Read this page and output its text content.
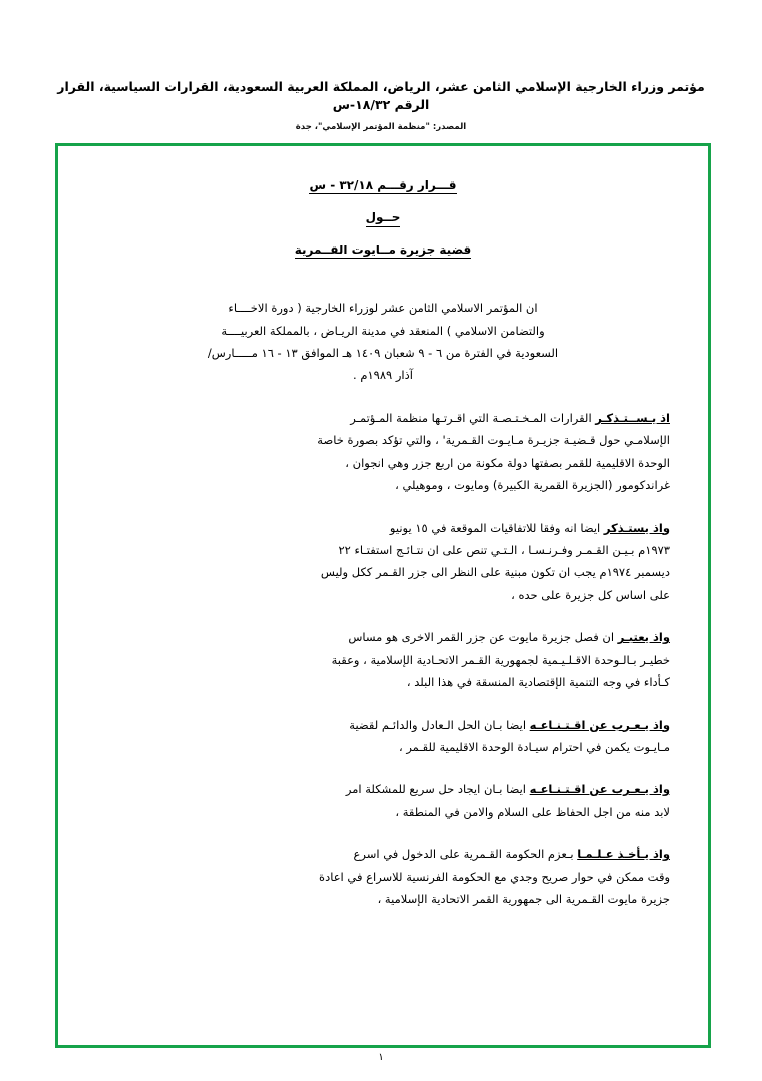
مؤتمر وزراء الخارجية الإسلامي الثامن عشر، الرياض، المملكة العربية السعودية، القرارات السياسية، القرار الرقم ١٨/٣٢-س
المصدر: "منظمة المؤتمر الإسلامي"، جدة
قـــرار رقـــم ٣٢/١٨ - س
حــول
قضية جزيرة مــايوت القــمرية
ان المؤتمر الاسلامي الثامن عشر لوزراء الخارجية ( دورة الاخــــاء
والتضامن الاسلامي ) المنعقد في مدينة الريـاض ، بالمملكة العربيــــة
السعودية في الفترة من ٦ - ٩ شعبان ١٤٠٩ هـ الموافق ١٣ - ١٦ مـــــارس/
آذار ١٩٨٩م .
اذ يـســتـذكـر القرارات المـخـتـصـة التي اقـرتـها منظمة المـؤتمـر
الإسلامـي حول قـضيـة جزيـرة مـايـوت القـمرية' ، والتي تؤكد بصورة خاصة
الوحدة الاقليمية للقمر بصفتها دولة مكونة من اربع جزر وهي انجوان ،
غراندكومور (الجزيرة القمرية الكبيرة) ومايوت ، وموهيلي ،
واذ يستـذكر ايضا انه وفقا للاتفاقيات الموقعة في ١٥ يونيو
١٩٧٣م بـيـن القـمـر وفـرنـسـا ، الـتـي تنص على ان نتـائـج استفتـاء ٢٢
ديسمبر ١٩٧٤م يجب ان تكون مبنية على النظر الى جزر القـمر ككل وليس
على اساس كل جزيرة على حده ،
واذ يعتبـر ان فصل جزيرة مايوت عن جزر القمر الاخرى هو مساس
خطيـر بـالـوحدة الاقـلـيـمية لجمهورية القـمر الاتحـادية الإسلامية ، وعقبة
كـأداء في وجه التنمية الإقتصادية المنسقة في هذا البلد ،
واذ يـعـرب عن اقـتـنـاعـه ايضا بـان الحل الـعادل والدائـم لقضية
مـايـوت يكمن في احترام سيـادة الوحدة الاقليمية للقـمر ،
واذ يـعـرب عن اقـتـنـاعـه ايضا بـان ايجاد حل سريع للمشكلة امر
لابد منه من اجل الحفاظ على السلام والامن في المنطقة ،
واذ يـأخـذ عـلـمـا بـعزم الحكومة القـمرية على الدخول في اسرع
وقت ممكن في حوار صريح وجدي مع الحكومة الفرنسية للاسراع في اعادة
جزيرة مايوت القـمرية الى جمهورية القمر الاتحادية الإسلامية ،
١
